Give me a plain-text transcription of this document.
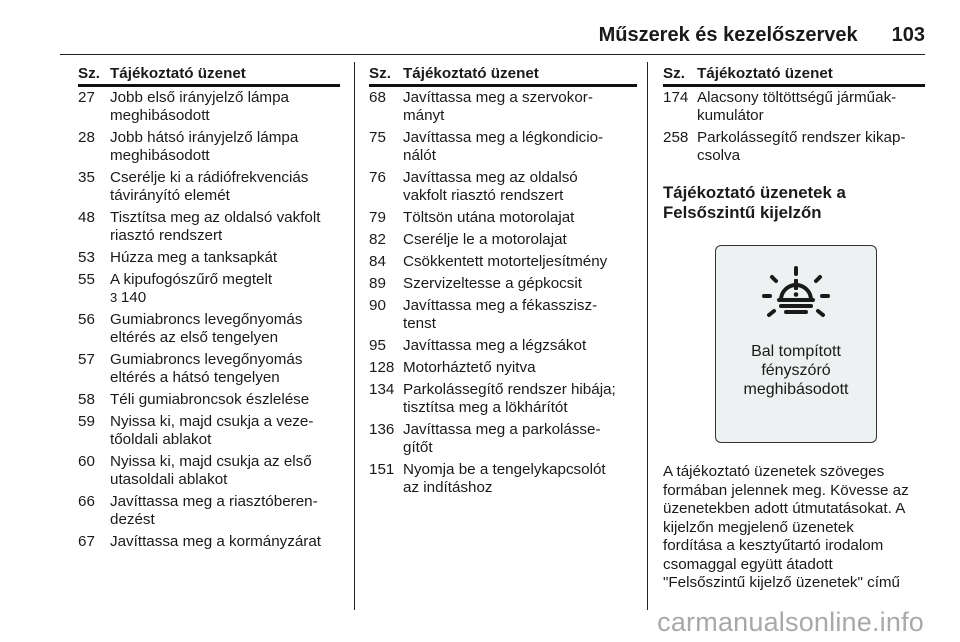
Műszerek és kezelőszervek 103
Sz. Tájékoztató üzenet
27 Jobb első irányjelző lámpa
meghibásodott
28 Jobb hátsó irányjelző lámpa
meghibásodott
35 Cserélje ki a rádiófrekvenciás
távirányító elemét
48 Tisztítsa meg az oldalsó vakfolt
riasztó rendszert
53 Húzza meg a tanksapkát
55 A kipufogószűrő megtelt
3 140
56 Gumiabroncs levegőnyomás
eltérés az első tengelyen
57 Gumiabroncs levegőnyomás
eltérés a hátsó tengelyen
58 Téli gumiabroncsok észlelése
59 Nyissa ki, majd csukja a veze-
tőoldali ablakot
60 Nyissa ki, majd csukja az első
utasoldali ablakot
66 Javíttassa meg a riasztóberen-
dezést
67 Javíttassa meg a kormányzárat
Sz. Tájékoztató üzenet
68	Javíttassa meg a szervokor-
mányt
75	Javíttassa meg a légkondicio-
nálót
76	Javíttassa meg az oldalsó
vakfolt riasztó rendszert
79	Töltsön utána motorolajat
82	Cserélje le a motorolajat
84	Csökkentett motorteljesítmény
89	Szervizeltesse a gépkocsit
90	Javíttassa meg a fékasszisz-
tenst
95	Javíttassa meg a légzsákot
128 Motorháztető nyitva
134 Parkolássegítő rendszer hibája;
tisztítsa meg a lökhárítót
136 Javíttassa meg a parkolásse-
gítőt
151 Nyomja be a tengelykapcsolót
az indításhoz
Sz. Tájékoztató üzenet
174 Alacsony töltöttségű járműak-
kumulátor
258 Parkolássegítő rendszer kikap-
csolva
Tájékoztató üzenetek a
Felsőszintű kijelzőn
Bal tompított
fényszóró
meghibásodott
A tájékoztató üzenetek szöveges
formában jelennek meg. Kövesse az
üzenetekben adott útmutatásokat. A
kijelzőn megjelenő üzenetek
fordítása a kesztyűtartó irodalom
csomaggal együtt átadott
"Felsőszintű kijelző üzenetek" című
carmanualsonline.info
